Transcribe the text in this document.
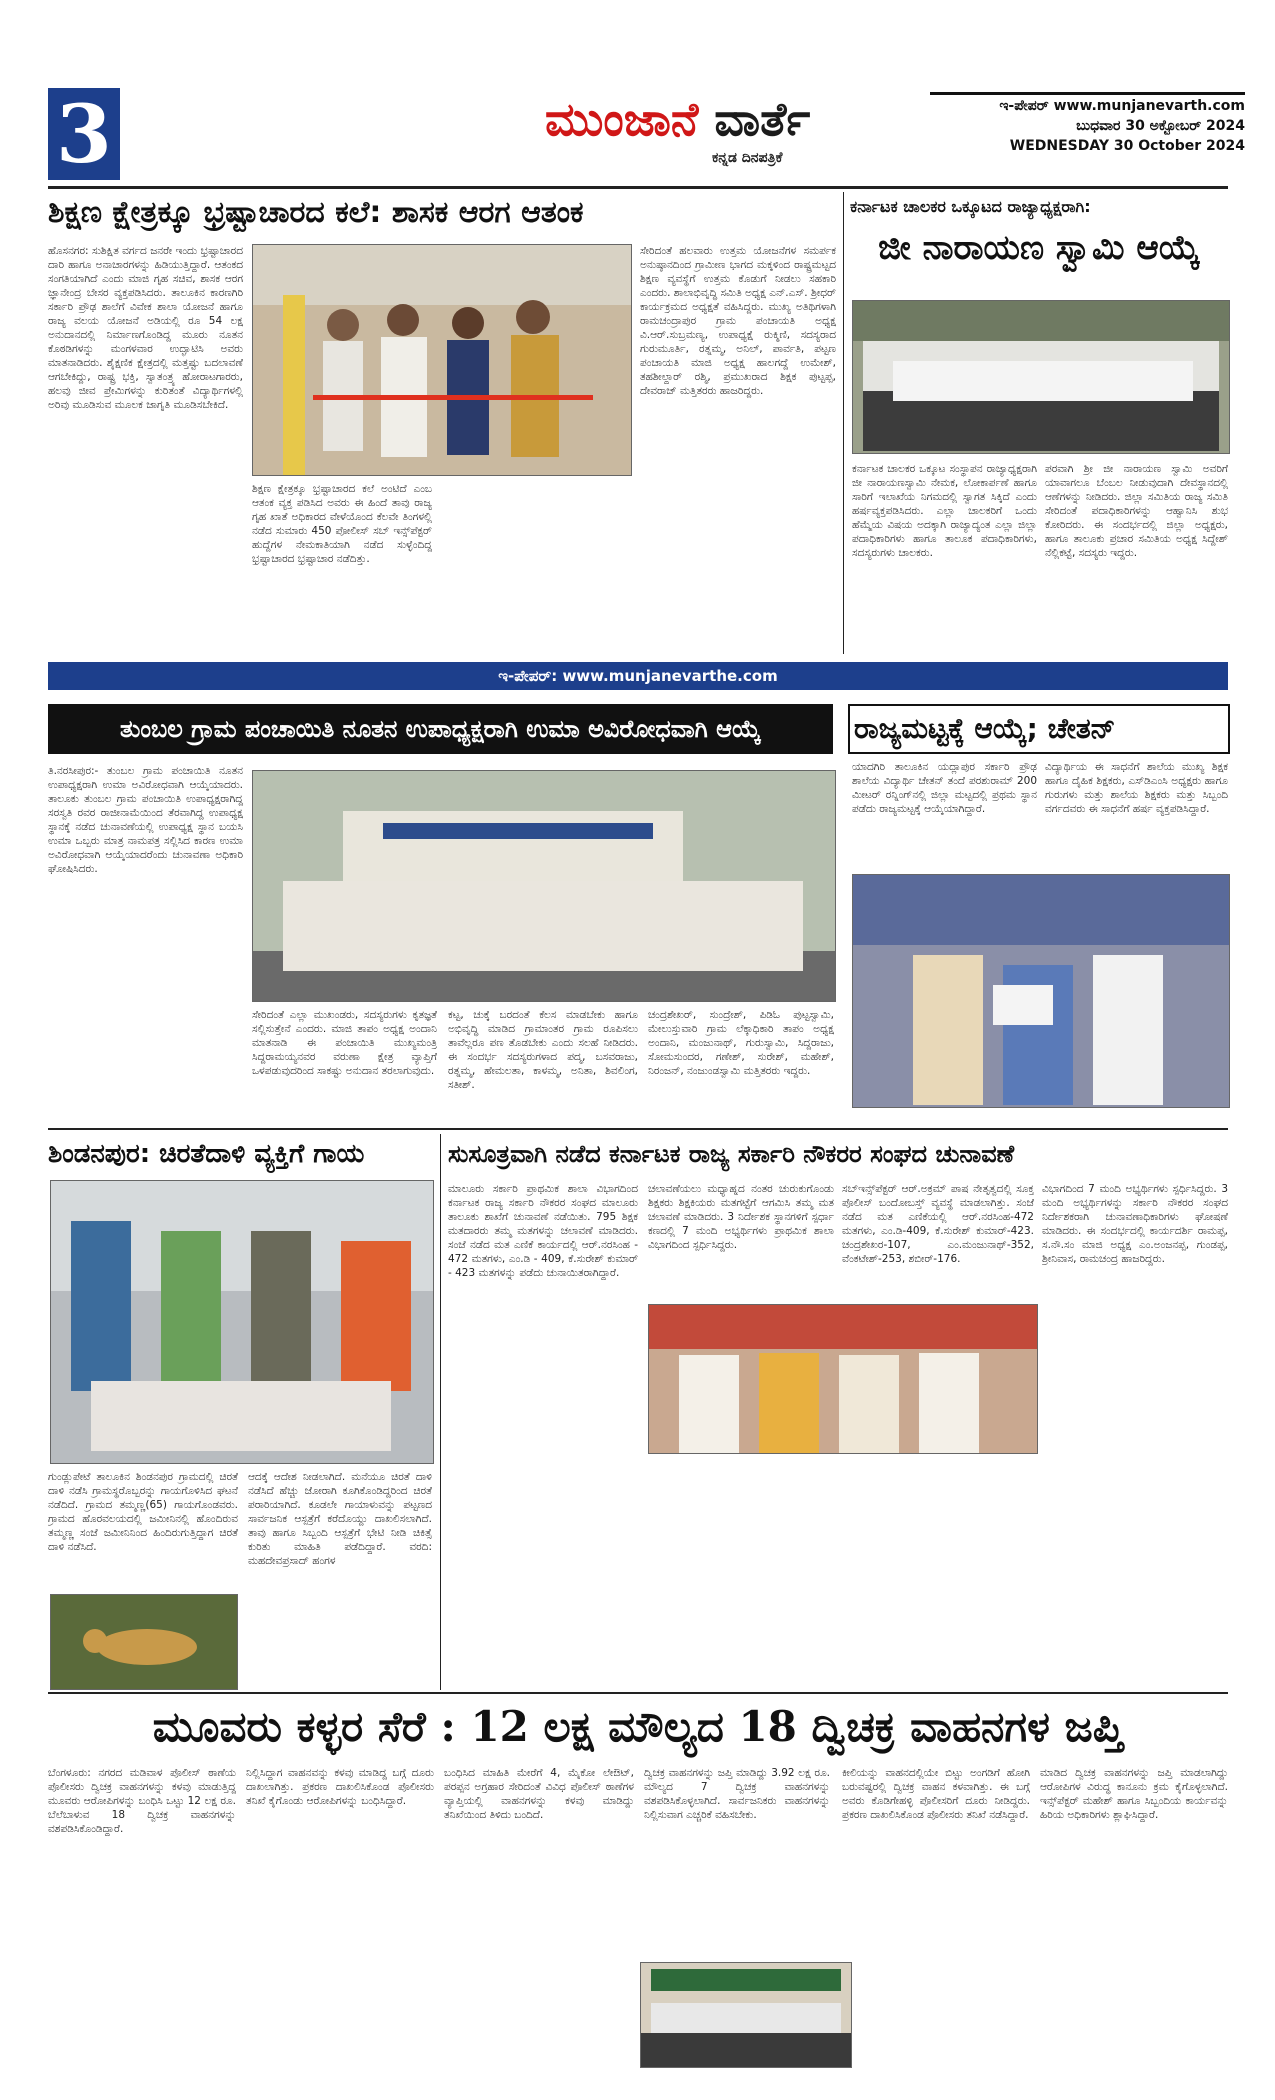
3	ಮುಂಜಾನೆ ವಾರ್ತೆ
ಕನ್ನಡ ದಿನಪತ್ರಿಕೆ
ಇ-ಪೇಪರ್ www.munjanevarth.com
ಬುಧವಾರ 30 ಅಕ್ಟೋಬರ್ 2024
WEDNESDAY 30 October 2024
ಶಿಕ್ಷಣ ಕ್ಷೇತ್ರಕ್ಕೂ ಭ್ರಷ್ಟಾಚಾರದ ಕಲೆ: ಶಾಸಕ ಆರಗ ಆತಂಕ
ಹೊಸನಗರ: ಸುಶಿಕ್ಷಿತ ವರ್ಗದ ಜನರೇ ಇಂದು ಭ್ರಷ್ಟಾಚಾರದ ದಾರಿ ಹಾಗೂ ಅನಾಚಾರಗಳನ್ನು ಹಿಡಿಯುತ್ತಿದ್ದಾರೆ. ಆತಂಕದ ಸಂಗತಿಯಾಗಿದೆ ಎಂದು ಮಾಜಿ ಗೃಹ ಸಚಿವ, ಶಾಸಕ ಆರಗ ಜ್ಞಾನೇಂದ್ರ ಬೇಸರ ವ್ಯಕ್ತಪಡಿಸಿದರು. ತಾಲೂಕಿನ ಕಾರಣಗಿರಿ ಸರ್ಕಾರಿ ಪ್ರೌಢ ಶಾಲೆಗೆ ವಿವೇಕ ಶಾಲಾ ಯೋಜನೆ ಹಾಗೂ ರಾಜ್ಯ ವಲಯ ಯೋಜನೆ ಅಡಿಯಲ್ಲಿ ರೂ 54 ಲಕ್ಷ ಅನುದಾನದಲ್ಲಿ ನಿರ್ಮಾಣಗೊಂಡಿದ್ದ ಮೂರು ನೂತನ ಕೊಠಡಿಗಳನ್ನು ಮಂಗಳವಾರ ಉದ್ಘಾಟಿಸಿ ಅವರು ಮಾತನಾಡಿದರು. ಶೈಕ್ಷಣಿಕ ಕ್ಷೇತ್ರದಲ್ಲಿ ಮತ್ತಷ್ಟು ಬದಲಾವಣೆ ಆಗಬೇಕಿದ್ದು, ರಾಷ್ಟ್ರ ಭಕ್ತಿ, ಸ್ವಾತಂತ್ರ್ಯ ಹೋರಾಟಗಾರರು, ಹಲವು ಜೀವ ಪ್ರೇಮಿಗಳನ್ನು ಕುರಿತಂತೆ ವಿದ್ಯಾರ್ಥಿಗಳಲ್ಲಿ ಅರಿವು ಮೂಡಿಸುವ ಮೂಲಕ ಜಾಗೃತಿ ಮೂಡಿಸಬೇಕಿದೆ.
ಶಿಕ್ಷಣ ಕ್ಷೇತ್ರಕ್ಕೂ ಭ್ರಷ್ಟಾಚಾರದ ಕಲೆ ಅಂಟಿದೆ ಎಂಬ ಆತಂಕ ವ್ಯಕ್ತ ಪಡಿಸಿದ ಅವರು ಈ ಹಿಂದೆ ತಾವು ರಾಜ್ಯ ಗೃಹ ಖಾತೆ ಅಧಿಕಾರದ ವೇಳೆಯೊಂದ ಕೆಲವೇ ತಿಂಗಳಲ್ಲಿ ನಡೆದ ಸುಮಾರು 450 ಪೋಲೀಸ್ ಸಬ್ ಇನ್ಸ್‌ಪೆಕ್ಟರ್ ಹುದ್ದೆಗಳ ನೇಮಕಾತಿಯಾಗಿ ನಡೆದ ಸುಳ್ಳೆಂದಿದ್ದ ಭ್ರಷ್ಟಾಚಾರದ ಭ್ರಷ್ಟಾಚಾರ ನಡೆದಿತ್ತು.
ಸೇರಿದಂತೆ ಹಲವಾರು ಉತ್ತಮ ಯೋಜನೆಗಳ ಸಮರ್ಪಕ ಅನುಷ್ಠಾನದಿಂದ ಗ್ರಾಮೀಣ ಭಾಗದ ಮಕ್ಕಳಿಂದ ರಾಷ್ಟ್ರಮಟ್ಟದ ಶಿಕ್ಷಣ ವ್ಯವಸ್ಥೆಗೆ ಉತ್ತಮ ಕೊಡುಗೆ ನೀಡಲು ಸಹಕಾರಿ ಎಂದರು. ಶಾಲಾಭಿವೃದ್ಧಿ ಸಮಿತಿ ಅಧ್ಯಕ್ಷ ಎನ್.ಎಸ್. ಶ್ರೀಧರ್ ಕಾರ್ಯಕ್ರಮದ ಅಧ್ಯಕ್ಷತೆ ವಹಿಸಿದ್ದರು. ಮುಖ್ಯ ಅತಿಥಿಗಳಾಗಿ ರಾಮಚಂದ್ರಾಪುರ ಗ್ರಾಮ ಪಂಚಾಯತಿ ಅಧ್ಯಕ್ಷ ವಿ.ಆರ್.ಸುಬ್ರಮಣ್ಯ, ಉಪಾಧ್ಯಕ್ಷೆ ರುಕ್ಮಿಣಿ, ಸದಸ್ಯರಾದ ಗುರುಮೂರ್ತಿ, ರತ್ನಮ್ಮ, ಅನಿಲ್, ಪಾರ್ವತಿ, ಪಟ್ಟಣ ಪಂಚಾಯತಿ ಮಾಜಿ ಅಧ್ಯಕ್ಷ ಹಾಲಗದ್ದೆ ಉಮೇಶ್, ತಹಶೀಲ್ದಾರ್ ರಶ್ಮಿ, ಪ್ರಮುಖರಾದ ಶಿಕ್ಷಕ ಪುಟ್ಟಪ್ಪ, ದೇವರಾಜ್ ಮತ್ತಿತರರು ಹಾಜರಿದ್ದರು.
ಕರ್ನಾಟಕ ಚಾಲಕರ ಒಕ್ಕೂಟದ ರಾಜ್ಯಾಧ್ಯಕ್ಷರಾಗಿ:
ಜೀ ನಾರಾಯಣ ಸ್ವಾಮಿ ಆಯ್ಕೆ
ಕರ್ನಾಟಕ ಚಾಲಕರ ಒಕ್ಕೂಟ ಸಂಸ್ಥಾಪನ ರಾಜ್ಯಾಧ್ಯಕ್ಷರಾಗಿ ಜೀ ನಾರಾಯಣಸ್ವಾಮಿ ನೇಮಕ, ಲೋಕಾರ್ಪಣೆ ಹಾಗೂ ಸಾರಿಗೆ ಇಲಾಖೆಯ ನಿಗಮದಲ್ಲಿ ಸ್ವಾಗತ ಸಿಕ್ಕಿದೆ ಎಂದು ಹರ್ಷವ್ಯಕ್ತಪಡಿಸಿದರು. ಎಲ್ಲಾ ಚಾಲಕರಿಗೆ ಒಂದು ಹೆಮ್ಮೆಯ ವಿಷಯ ಅದಕ್ಕಾಗಿ ರಾಜ್ಯಾದ್ಯಂತ ಎಲ್ಲಾ ಜಿಲ್ಲಾ ಪದಾಧಿಕಾರಿಗಳು ಹಾಗೂ ತಾಲೂಕ ಪದಾಧಿಕಾರಿಗಳು, ಸದಸ್ಯರುಗಳು ಚಾಲಕರು.
ಪರವಾಗಿ ಶ್ರೀ ಜೀ ನಾರಾಯಣ ಸ್ವಾಮಿ ಅವರಿಗೆ ಯಾವಾಗಲೂ ಬೆಂಬಲ ನೀಡುವುದಾಗಿ ದೇವಸ್ಥಾನದಲ್ಲಿ ಆಣೆಗಳನ್ನು ನೀಡಿದರು. ಜಿಲ್ಲಾ ಸಮಿತಿಯ ರಾಜ್ಯ ಸಮಿತಿ ಸೇರಿದಂತೆ ಪದಾಧಿಕಾರಿಗಳನ್ನು ಆಹ್ವಾನಿಸಿ ಶುಭ ಕೋರಿದರು. ಈ ಸಂದರ್ಭದಲ್ಲಿ ಜಿಲ್ಲಾ ಅಧ್ಯಕ್ಷರು, ಹಾಗೂ ತಾಲೂಕು ಪ್ರಚಾರ ಸಮಿತಿಯ ಅಧ್ಯಕ್ಷ ಸಿದ್ದೇಶ್ ನೆಲ್ಲಿಕಟ್ಟೆ, ಸದಸ್ಯರು ಇದ್ದರು.
ಇ-ಪೇಪರ್: www.munjanevarthe.com
ತುಂಬಲ ಗ್ರಾಮ ಪಂಚಾಯಿತಿ ನೂತನ ಉಪಾಧ್ಯಕ್ಷರಾಗಿ ಉಮಾ ಅವಿರೋಧವಾಗಿ ಆಯ್ಕೆ
ತಿ.ನರಸೀಪುರ:- ತುಂಬಲ ಗ್ರಾಮ ಪಂಚಾಯಿತಿ ನೂತನ ಉಪಾಧ್ಯಕ್ಷರಾಗಿ ಉಮಾ ಅವಿರೋಧವಾಗಿ ಆಯ್ಕೆಯಾದರು. ತಾಲೂಕು ತುಂಬಲ ಗ್ರಾಮ ಪಂಚಾಯಿತಿ ಉಪಾಧ್ಯಕ್ಷರಾಗಿದ್ದ ಸರಸ್ವತಿ ರವರ ರಾಜೀನಾಮೆಯಿಂದ ತೆರವಾಗಿದ್ದ ಉಪಾಧ್ಯಕ್ಷ ಸ್ಥಾನಕ್ಕೆ ನಡೆದ ಚುನಾವಣೆಯಲ್ಲಿ ಉಪಾಧ್ಯಕ್ಷ ಸ್ಥಾನ ಬಯಸಿ ಉಮಾ ಒಬ್ಬರು ಮಾತ್ರ ನಾಮಪತ್ರ ಸಲ್ಲಿಸಿದ ಕಾರಣ ಉಮಾ ಅವಿರೋಧವಾಗಿ ಆಯ್ಕೆಯಾದರೆಂದು ಚುನಾವಣಾ ಅಧಿಕಾರಿ ಘೋಷಿಸಿದರು.
ಸೇರಿದಂತೆ ಎಲ್ಲಾ ಮುಖಂಡರು, ಸದಸ್ಯರುಗಳು ಕೃತಜ್ಞತೆ ಸಲ್ಲಿಸುತ್ತೇನೆ ಎಂದರು. ಮಾಜಿ ತಾಪಂ ಅಧ್ಯಕ್ಷ ಅಂದಾನಿ ಮಾತನಾಡಿ ಈ ಪಂಚಾಯಿತಿ ಮುಖ್ಯಮಂತ್ರಿ ಸಿದ್ದರಾಮಯ್ಯನವರ ವರುಣಾ ಕ್ಷೇತ್ರ ವ್ಯಾಪ್ತಿಗೆ ಒಳಪಡುವುದರಿಂದ ಸಾಕಷ್ಟು ಅನುದಾನ ತರಲಾಗುವುದು.
ಕಟ್ಟ, ಚುಕ್ಕೆ ಬರದಂತೆ ಕೆಲಸ ಮಾಡಬೇಕು ಹಾಗೂ ಅಭಿವೃದ್ಧಿ ಮಾಡಿದ ಗ್ರಾಮಾಂತರ ಗ್ರಾಮ ರೂಪಿಸಲು ತಾವೆಲ್ಲರೂ ಪಣ ತೊಡಬೇಕು ಎಂದು ಸಲಹೆ ನೀಡಿದರು. ಈ ಸಂದರ್ಭ ಸದಸ್ಯರುಗಳಾದ ಪದ್ಮ, ಬಸವರಾಜು, ರತ್ನಮ್ಮ, ಹೇಮಲತಾ, ಕಾಳಮ್ಮ, ಅನಿತಾ, ಶಿವಲಿಂಗ, ಸತೀಶ್.
ಚಂದ್ರಶೇಖರ್, ಸುಂದ್ರೇಶ್, ಪಿಡಿಓ ಪುಟ್ಟಸ್ವಾಮಿ, ಮೇಲುಸ್ತುವಾರಿ ಗ್ರಾಮ ಲೆಕ್ಕಾಧಿಕಾರಿ ತಾಪಂ ಅಧ್ಯಕ್ಷ ಅಂದಾನಿ, ಮಂಜುನಾಥ್, ಗುರುಸ್ವಾಮಿ, ಸಿದ್ದರಾಜು, ಸೋಮಸುಂದರ, ಗಣೇಶ್, ಸುರೇಶ್, ಮಹೇಶ್, ನಿರಂಜನ್, ನಂಜುಂಡಸ್ವಾಮಿ ಮತ್ತಿತರರು ಇದ್ದರು.
ರಾಜ್ಯಮಟ್ಟಕ್ಕೆ ಆಯ್ಕೆ; ಚೇತನ್
ಯಾದಗಿರಿ ತಾಲೂಕಿನ ಯದ್ಲಾಪುರ ಸರ್ಕಾರಿ ಪ್ರೌಢ ಶಾಲೆಯ ವಿದ್ಯಾರ್ಥಿ ಚೇತನ್ ತಂದೆ ಪರಶುರಾಮ್ 200 ಮೀಟರ್ ರನ್ನಿಂಗ್‌ನಲ್ಲಿ ಜಿಲ್ಲಾ ಮಟ್ಟದಲ್ಲಿ ಪ್ರಥಮ ಸ್ಥಾನ ಪಡೆದು ರಾಜ್ಯಮಟ್ಟಕ್ಕೆ ಆಯ್ಕೆಯಾಗಿದ್ದಾರೆ.
ವಿದ್ಯಾರ್ಥಿಯ ಈ ಸಾಧನೆಗೆ ಶಾಲೆಯ ಮುಖ್ಯ ಶಿಕ್ಷಕ ಹಾಗೂ ದೈಹಿಕ ಶಿಕ್ಷಕರು, ಎಸ್‌ಡಿಎಂಸಿ ಅಧ್ಯಕ್ಷರು ಹಾಗೂ ಗುರುಗಳು ಮತ್ತು ಶಾಲೆಯ ಶಿಕ್ಷಕರು ಮತ್ತು ಸಿಬ್ಬಂದಿ ವರ್ಗದವರು ಈ ಸಾಧನೆಗೆ ಹರ್ಷ ವ್ಯಕ್ತಪಡಿಸಿದ್ದಾರೆ.
ಶಿಂಡನಪುರ: ಚಿರತೆದಾಳಿ ವ್ಯಕ್ತಿಗೆ ಗಾಯ
ಗುಂಡ್ಲುಪೇಟೆ ತಾಲೂಕಿನ ಶಿಂಡನಪುರ ಗ್ರಾಮದಲ್ಲಿ ಚಿರತೆ ದಾಳಿ ನಡೆಸಿ ಗ್ರಾಮಸ್ಥರೊಬ್ಬರನ್ನು ಗಾಯಗೊಳಿಸಿದ ಘಟನೆ ನಡೆದಿದೆ. ಗ್ರಾಮದ ತಮ್ಮಣ್ಣ(65) ಗಾಯಗೊಂಡವರು. ಗ್ರಾಮದ ಹೊರವಲಯದಲ್ಲಿ ಜಮೀನಿನಲ್ಲಿ ಹೊಂದಿರುವ ತಮ್ಮಣ್ಣ ಸಂಜೆ ಜಮೀನಿನಿಂದ ಹಿಂದಿರುಗುತ್ತಿದ್ದಾಗ ಚಿರತೆ ದಾಳಿ ನಡೆಸಿದೆ.
ಆದಕ್ಕೆ ಆದೇಶ ನೀಡಲಾಗಿದೆ. ಮನೆಯೂ ಚಿರತೆ ದಾಳಿ ನಡೆಸಿದೆ ಹೆಚ್ಚು ಜೋರಾಗಿ ಕೂಗಿಕೊಂಡಿದ್ದರಿಂದ ಚಿರತೆ ಪರಾರಿಯಾಗಿದೆ. ಕೂಡಲೇ ಗಾಯಾಳುವನ್ನು ಪಟ್ಟಣದ ಸಾರ್ವಜನಿಕ ಆಸ್ಪತ್ರೆಗೆ ಕರೆದೊಯ್ದು ದಾಖಲಿಸಲಾಗಿದೆ. ತಾವು ಹಾಗೂ ಸಿಬ್ಬಂದಿ ಆಸ್ಪತ್ರೆಗೆ ಭೇಟಿ ನೀಡಿ ಚಿಕಿತ್ಸೆ ಕುರಿತು ಮಾಹಿತಿ ಪಡೆದಿದ್ದಾರೆ. ವರದಿ: ಮಹದೇವಪ್ರಸಾದ್ ಹಂಗಳ
ಸುಸೂತ್ರವಾಗಿ ನಡೆದ ಕರ್ನಾಟಕ ರಾಜ್ಯ ಸರ್ಕಾರಿ ನೌಕರರ ಸಂಘದ ಚುನಾವಣೆ
ಮಾಲೂರು ಸರ್ಕಾರಿ ಪ್ರಾಥಮಿಕ ಶಾಲಾ ವಿಭಾಗದಿಂದ ಕರ್ನಾಟಕ ರಾಜ್ಯ ಸರ್ಕಾರಿ ನೌಕರರ ಸಂಘದ ಮಾಲೂರು ತಾಲೂಕು ಶಾಖೆಗೆ ಚುನಾವಣೆ ನಡೆಯಿತು. 795 ಶಿಕ್ಷಕ ಮತದಾರರು ತಮ್ಮ ಮತಗಳನ್ನು ಚಲಾವಣೆ ಮಾಡಿದರು. ಸಂಜೆ ನಡೆದ ಮತ ಎಣಿಕೆ ಕಾರ್ಯದಲ್ಲಿ ಆರ್.ನರಸಿಂಹ - 472 ಮತಗಳು, ಎಂ.ಡಿ - 409, ಕೆ.ಸುರೇಶ್ ಕುಮಾರ್ - 423 ಮತಗಳನ್ನು ಪಡೆದು ಚುನಾಯಿತರಾಗಿದ್ದಾರೆ.
ಚಲಾವಣೆಯಲು ಮಧ್ಯಾಹ್ನದ ನಂತರ ಚುರುಕುಗೊಂಡು ಶಿಕ್ಷಕರು ಶಿಕ್ಷಕಿಯರು ಮತಗಟ್ಟೆಗೆ ಆಗಮಿಸಿ ತಮ್ಮ ಮತ ಚಲಾವಣೆ ಮಾಡಿದರು. 3 ನಿರ್ದೇಶಕ ಸ್ಥಾನಗಳಿಗೆ ಸ್ಪರ್ಧಾ ಕಣದಲ್ಲಿ 7 ಮಂದಿ ಅಭ್ಯರ್ಥಿಗಳು ಪ್ರಾಥಮಿಕ ಶಾಲಾ ವಿಭಾಗದಿಂದ ಸ್ಪರ್ಧಿಸಿದ್ದರು.
ಸಬ್‌ಇನ್ಸ್‌ಪೆಕ್ಟರ್ ಆರ್.ಅಕ್ರಮ್ ಪಾಷ ನೇತೃತ್ವದಲ್ಲಿ ಸೂಕ್ತ ಪೊಲೀಸ್ ಬಂದೋಬಸ್ತ್ ವ್ಯವಸ್ಥೆ ಮಾಡಲಾಗಿತ್ತು. ಸಂಜೆ ನಡೆದ ಮತ ಎಣಿಕೆಯಲ್ಲಿ ಆರ್.ನರಸಿಂಹ-472 ಮತಗಳು, ಎಂ.ಡಿ-409, ಕೆ.ಸುರೇಶ್ ಕುಮಾರ್-423. ಚಂದ್ರಶೇಖರ-107, ಎಂ.ಮಂಜುನಾಥ್-352, ವೆಂಕಟೇಶ್-253, ಶಬೀರ್-176.
ವಿಭಾಗದಿಂದ 7 ಮಂದಿ ಅಭ್ಯರ್ಥಿಗಳು ಸ್ಪರ್ಧಿಸಿದ್ದರು. 3 ಮಂದಿ ಅಭ್ಯರ್ಥಿಗಳನ್ನು ಸರ್ಕಾರಿ ನೌಕರರ ಸಂಘದ ನಿರ್ದೇಶಕರಾಗಿ ಚುನಾವಣಾಧಿಕಾರಿಗಳು ಘೋಷಣೆ ಮಾಡಿದರು. ಈ ಸಂದರ್ಭದಲ್ಲಿ ಕಾರ್ಯದರ್ಶಿ ರಾಮಪ್ಪ, ಸ.ನೌ.ಸಂ ಮಾಜಿ ಅಧ್ಯಕ್ಷ ಎಂ.ಅಂಜನಪ್ಪ, ಗುಂಡಪ್ಪ, ಶ್ರೀನಿವಾಸ, ರಾಮಚಂದ್ರ ಹಾಜರಿದ್ದರು.
ಮೂವರು ಕಳ್ಳರ ಸೆರೆ : 12 ಲಕ್ಷ ಮೌಲ್ಯದ 18 ದ್ವಿಚಕ್ರ ವಾಹನಗಳ ಜಪ್ತಿ
ಬೆಂಗಳೂರು: ನಗರದ ಮಡಿವಾಳ ಪೊಲೀಸ್ ಠಾಣೆಯ ಪೊಲೀಸರು ದ್ವಿಚಕ್ರ ವಾಹನಗಳನ್ನು ಕಳವು ಮಾಡುತ್ತಿದ್ದ ಮೂವರು ಆರೋಪಿಗಳನ್ನು ಬಂಧಿಸಿ ಒಟ್ಟು 12 ಲಕ್ಷ ರೂ. ಬೆಲೆಬಾಳುವ 18 ದ್ವಿಚಕ್ರ ವಾಹನಗಳನ್ನು ವಶಪಡಿಸಿಕೊಂಡಿದ್ದಾರೆ.
ನಿಲ್ಲಿಸಿದ್ದಾಗ ವಾಹನವನ್ನು ಕಳವು ಮಾಡಿದ್ದ ಬಗ್ಗೆ ದೂರು ದಾಖಲಾಗಿತ್ತು. ಪ್ರಕರಣ ದಾಖಲಿಸಿಕೊಂಡ ಪೊಲೀಸರು ತನಿಖೆ ಕೈಗೊಂಡು ಆರೋಪಿಗಳನ್ನು ಬಂಧಿಸಿದ್ದಾರೆ.
ಬಂಧಿಸಿದ ಮಾಹಿತಿ ಮೇರೆಗೆ 4, ಮೈಕೋ ಲೇಔಟ್, ಪರಪ್ಪನ ಅಗ್ರಹಾರ ಸೇರಿದಂತೆ ವಿವಿಧ ಪೊಲೀಸ್ ಠಾಣೆಗಳ ವ್ಯಾಪ್ತಿಯಲ್ಲಿ ವಾಹನಗಳನ್ನು ಕಳವು ಮಾಡಿದ್ದು ತನಿಖೆಯಿಂದ ತಿಳಿದು ಬಂದಿದೆ.
ದ್ವಿಚಕ್ರ ವಾಹನಗಳನ್ನು ಜಪ್ತಿ ಮಾಡಿದ್ದು 3.92 ಲಕ್ಷ ರೂ. ಮೌಲ್ಯದ 7 ದ್ವಿಚಕ್ರ ವಾಹನಗಳನ್ನು ವಶಪಡಿಸಿಕೊಳ್ಳಲಾಗಿದೆ. ಸಾರ್ವಜನಿಕರು ವಾಹನಗಳನ್ನು ನಿಲ್ಲಿಸುವಾಗ ಎಚ್ಚರಿಕೆ ವಹಿಸಬೇಕು.
ಕೀಲಿಯನ್ನು ವಾಹನದಲ್ಲಿಯೇ ಬಿಟ್ಟು ಅಂಗಡಿಗೆ ಹೋಗಿ ಬರುವಷ್ಟರಲ್ಲಿ ದ್ವಿಚಕ್ರ ವಾಹನ ಕಳವಾಗಿತ್ತು. ಈ ಬಗ್ಗೆ ಅವರು ಕೊಡಿಗೇಹಳ್ಳಿ ಪೊಲೀಸರಿಗೆ ದೂರು ನೀಡಿದ್ದರು. ಪ್ರಕರಣ ದಾಖಲಿಸಿಕೊಂಡ ಪೊಲೀಸರು ತನಿಖೆ ನಡೆಸಿದ್ದಾರೆ.
ಮಾಡಿದ ದ್ವಿಚಕ್ರ ವಾಹನಗಳನ್ನು ಜಪ್ತಿ ಮಾಡಲಾಗಿದ್ದು ಆರೋಪಿಗಳ ವಿರುದ್ಧ ಕಾನೂನು ಕ್ರಮ ಕೈಗೊಳ್ಳಲಾಗಿದೆ. ಇನ್ಸ್‌ಪೆಕ್ಟರ್ ಮಹೇಶ್ ಹಾಗೂ ಸಿಬ್ಬಂದಿಯ ಕಾರ್ಯವನ್ನು ಹಿರಿಯ ಅಧಿಕಾರಿಗಳು ಶ್ಲಾಘಿಸಿದ್ದಾರೆ.
